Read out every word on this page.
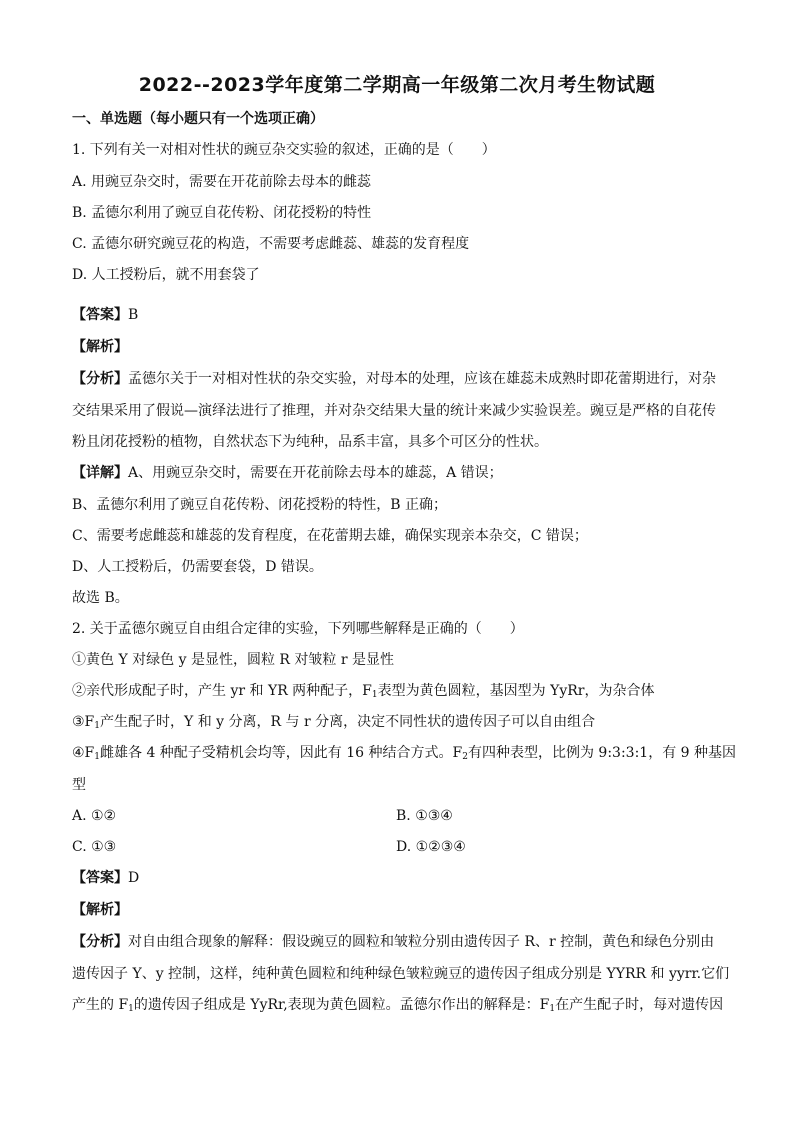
2022--2023学年度第二学期高一年级第二次月考生物试题
一、单选题（每小题只有一个选项正确）
1. 下列有关一对相对性状的豌豆杂交实验的叙述，正确的是（　　）
A. 用豌豆杂交时，需要在开花前除去母本的雌蕊
B. 孟德尔利用了豌豆自花传粉、闭花授粉的特性
C. 孟德尔研究豌豆花的构造，不需要考虑雌蕊、雄蕊的发育程度
D. 人工授粉后，就不用套袋了
【答案】B
【解析】
【分析】孟德尔关于一对相对性状的杂交实验，对母本的处理，应该在雄蕊未成熟时即花蕾期进行，对杂
交结果采用了假说—演绎法进行了推理，并对杂交结果大量的统计来减少实验误差。豌豆是严格的自花传
粉且闭花授粉的植物，自然状态下为纯种，品系丰富，具多个可区分的性状。
【详解】A、用豌豆杂交时，需要在开花前除去母本的雄蕊，A 错误；
B、孟德尔利用了豌豆自花传粉、闭花授粉的特性，B 正确；
C、需要考虑雌蕊和雄蕊的发育程度，在花蕾期去雄，确保实现亲本杂交，C 错误；
D、人工授粉后，仍需要套袋，D 错误。
故选 B。
2. 关于孟德尔豌豆自由组合定律的实验，下列哪些解释是正确的（　　）
①黄色 Y 对绿色 y 是显性，圆粒 R 对皱粒 r 是显性
②亲代形成配子时，产生 yr 和 YR 两种配子，$F_1$表型为黄色圆粒，基因型为 YyRr，为杂合体
$③F_1$产生配子时，Y 和 y 分离，R 与 r 分离，决定不同性状的遗传因子可以自由组合
$④F_1$雌雄各 4 种配子受精机会均等，因此有 16 种结合方式。$F_2$有四种表型，比例为 9:3:3:1，有 9 种基因
型
A. ①②	B. ①③④
C. ①③	D. ①②③④
【答案】D
【解析】
【分析】对自由组合现象的解释：假设豌豆的圆粒和皱粒分别由遗传因子 R、r 控制，黄色和绿色分别由
遗传因子 Y、y 控制，这样，纯种黄色圆粒和纯种绿色皱粒豌豆的遗传因子组成分别是 YYRR 和 yyrr.它们
产生的 $F_1$的遗传因子组成是 YyRr,表现为黄色圆粒。孟德尔作出的解释是：$F_1$在产生配子时，每对遗传因
